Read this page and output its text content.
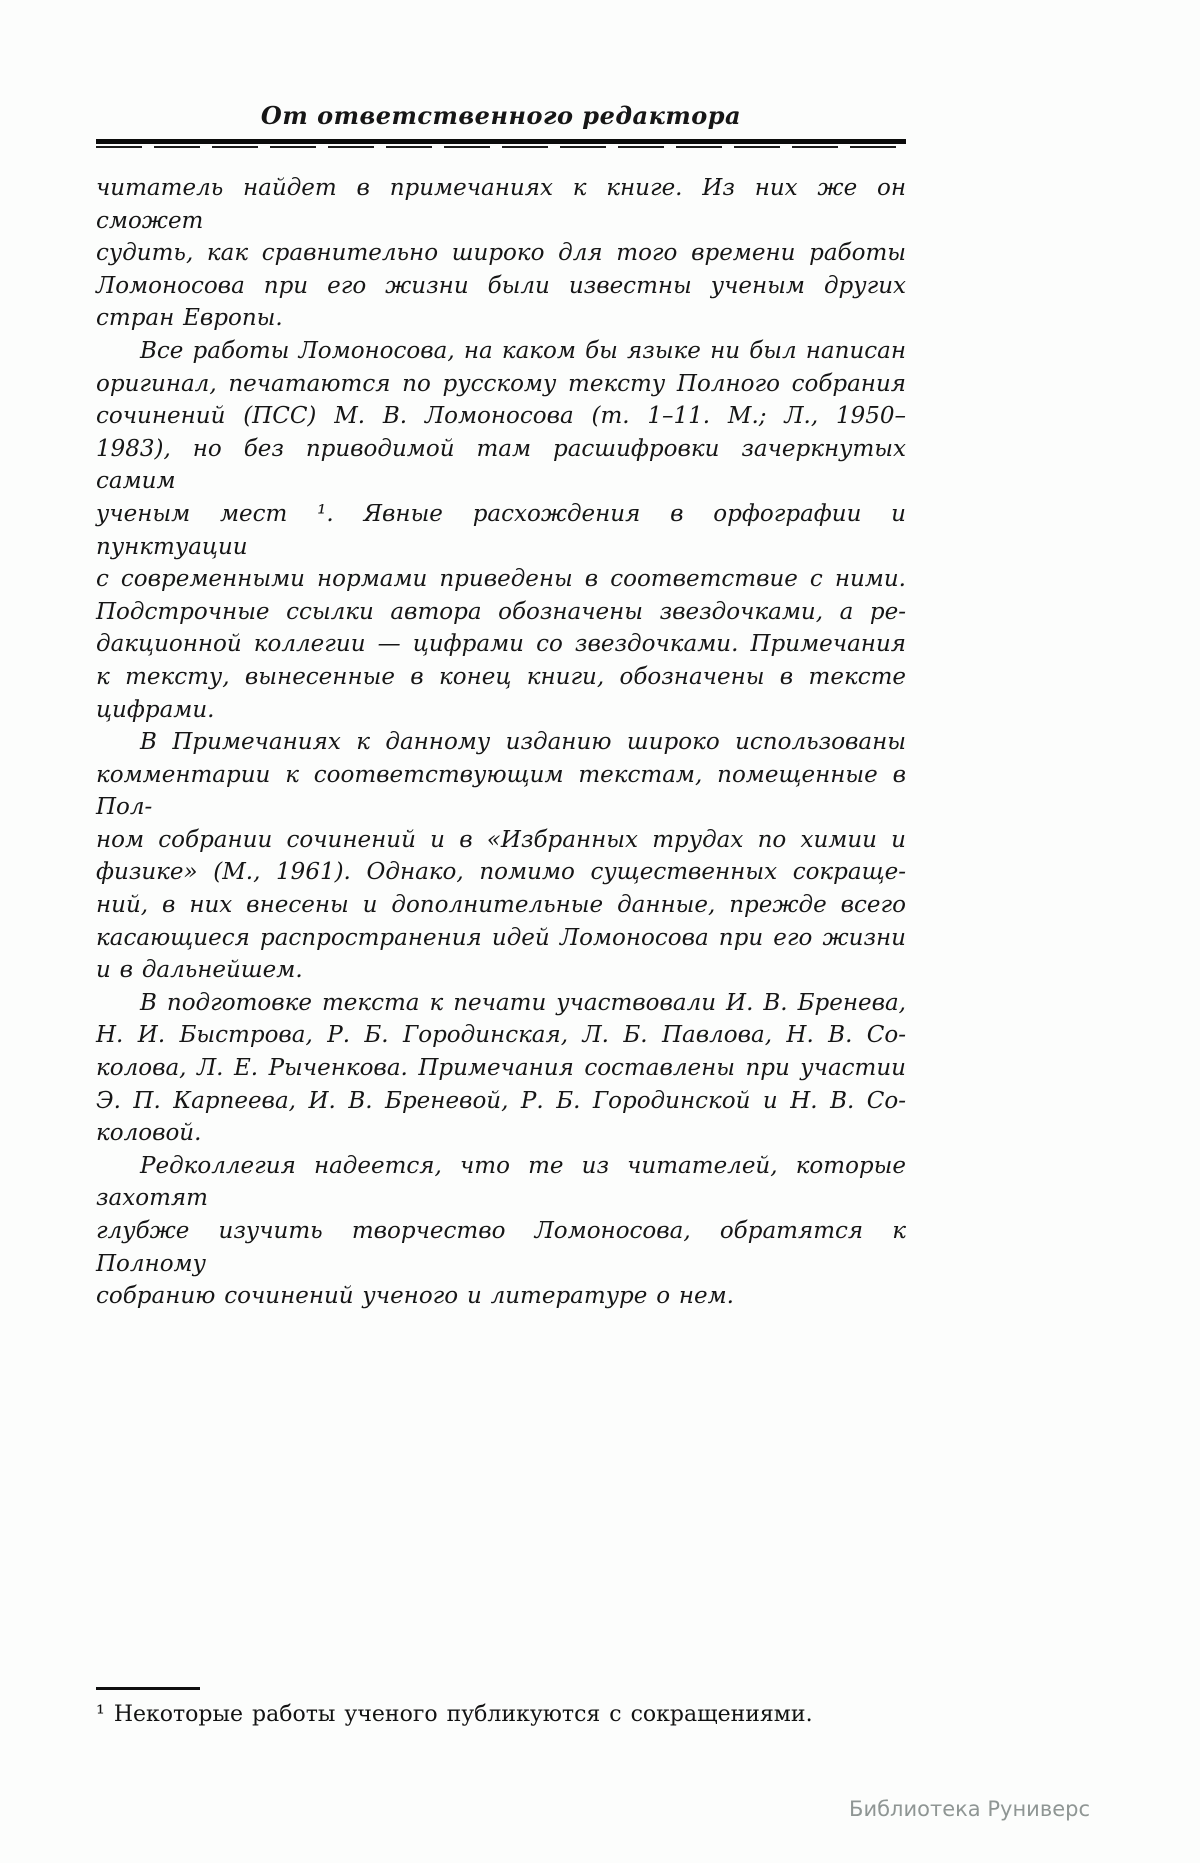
От ответственного редактора

читатель найдет в примечаниях к книге. Из них же он сможет
судить, как сравнительно широко для того времени работы
Ломоносова при его жизни были известны ученым других
стран Европы.

Все работы Ломоносова, на каком бы языке ни был написан
оригинал, печатаются по русскому тексту Полного собрания
сочинений (ПСС) М. В. Ломоносова (т. 1–11. М.; Л., 1950–
1983), но без приводимой там расшифровки зачеркнутых самим
ученым мест ¹. Явные расхождения в орфографии и пунктуации
с современными нормами приведены в соответствие с ними.
Подстрочные ссылки автора обозначены звездочками, а ре-
дакционной коллегии — цифрами со звездочками. Примечания
к тексту, вынесенные в конец книги, обозначены в тексте
цифрами.

В Примечаниях к данному изданию широко использованы
комментарии к соответствующим текстам, помещенные в Пол-
ном собрании сочинений и в «Избранных трудах по химии и
физике» (М., 1961). Однако, помимо существенных сокраще-
ний, в них внесены и дополнительные данные, прежде всего
касающиеся распространения идей Ломоносова при его жизни
и в дальнейшем.

В подготовке текста к печати участвовали И. В. Бренева,
Н. И. Быстрова, Р. Б. Городинская, Л. Б. Павлова, Н. В. Со-
колова, Л. Е. Рыченкова. Примечания составлены при участии
Э. П. Карпеева, И. В. Бреневой, Р. Б. Городинской и Н. В. Со-
коловой.

Редколлегия надеется, что те из читателей, которые захотят
глубже изучить творчество Ломоносова, обратятся к Полному
собранию сочинений ученого и литературе о нем.

¹ Некоторые работы ученого публикуются с сокращениями.
Библиотека Руниверс
